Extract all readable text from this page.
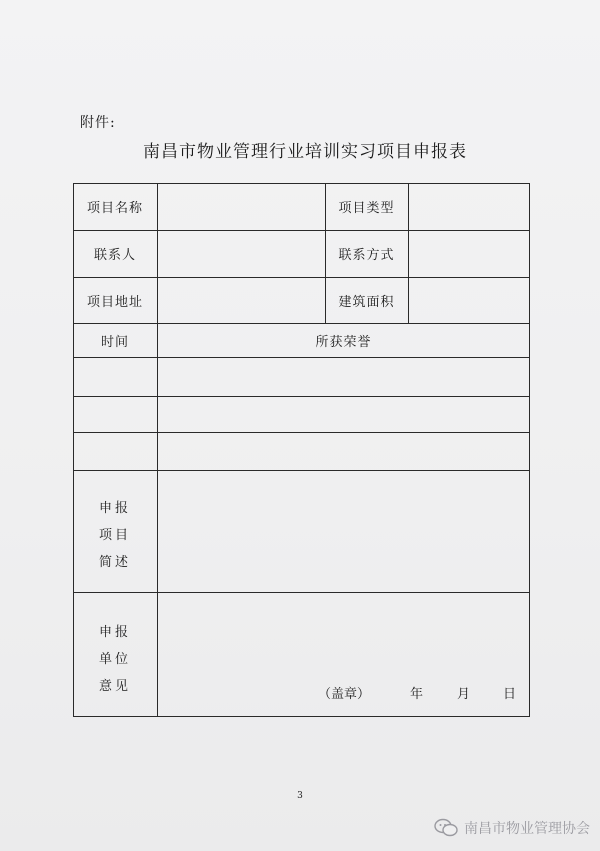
附件:
南昌市物业管理行业培训实习项目申报表
项目名称	项目类型
联系人	联系方式
项目地址	建筑面积
时间	所获荣誉
申报
项目
简述
申报
单位
意见
（盖章）	年	月	日
3
南昌市物业管理协会
